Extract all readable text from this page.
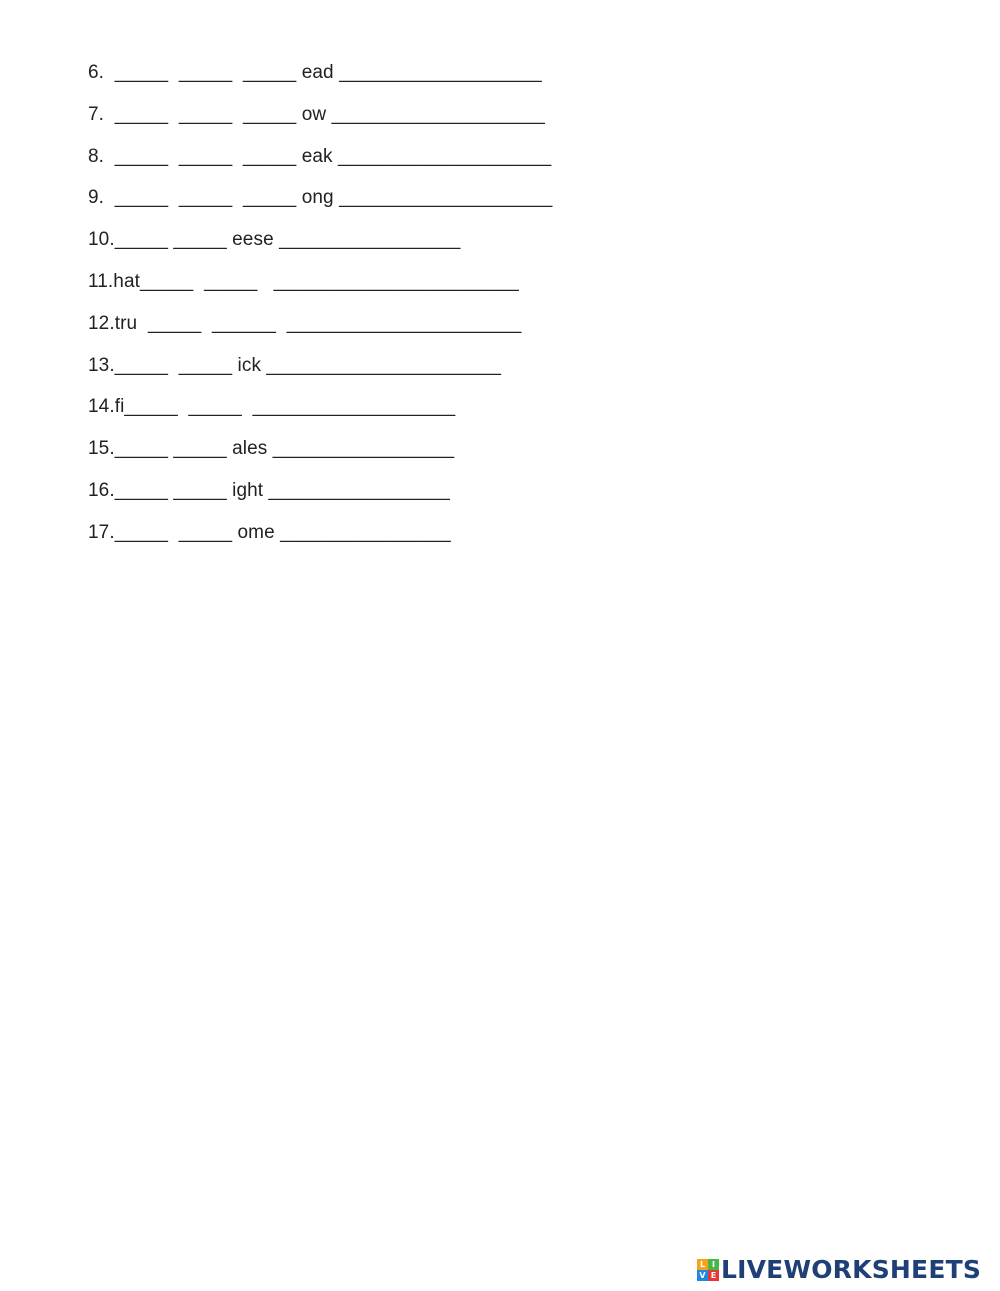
6.  _____  _____  _____ ead ___________________
7.  _____  _____  _____ ow ____________________
8.  _____  _____  _____ eak ____________________
9.  _____  _____  _____ ong ____________________
10._____ _____ eese _________________
11.hat_____  _____   _______________________
12.tru  _____  ______  ______________________
13._____  _____ ick ______________________
14.fi_____  _____  ___________________
15._____ _____ ales _________________
16._____ _____ ight _________________
17._____  _____ ome ________________
L I
V E LIVEWORKSHEETS
